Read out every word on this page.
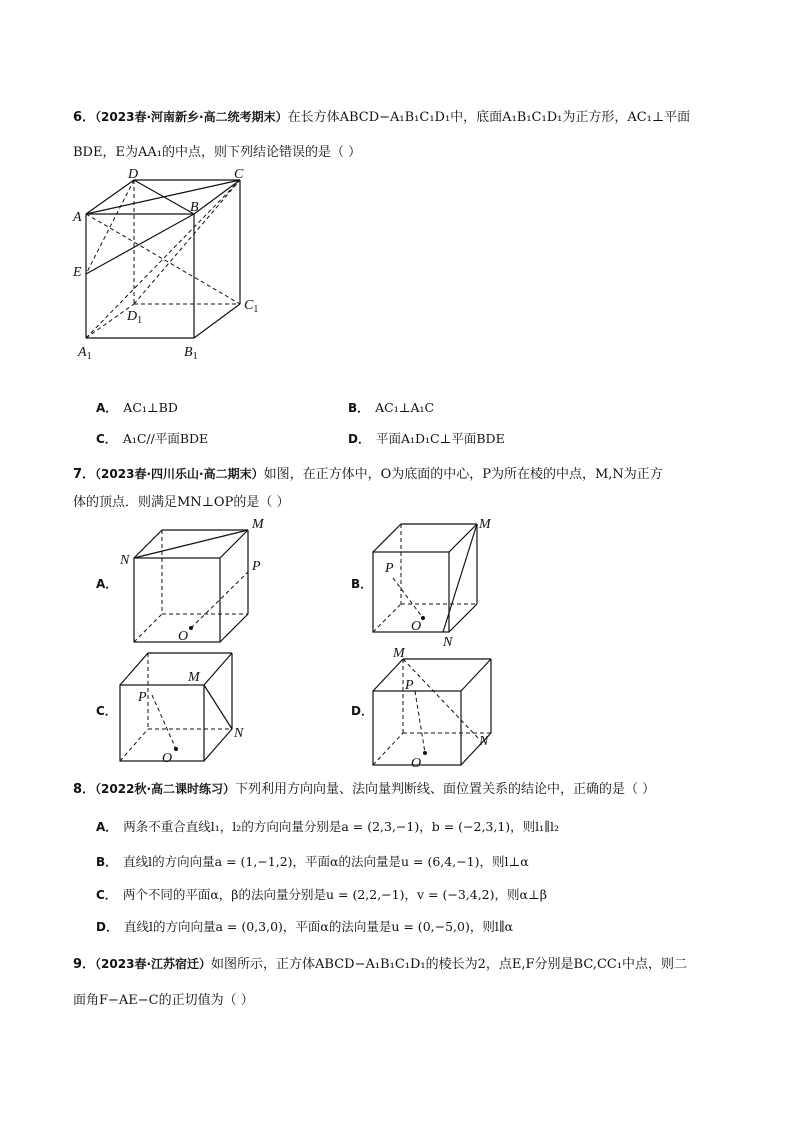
6．（2023春·河南新乡·高二统考期末）在长方体ABCD−A₁B₁C₁D₁中，底面A₁B₁C₁D₁为正方形，AC₁⊥平面
BDE，E为AA₁的中点，则下列结论错误的是（ ）
D	C
A
B
E
$D_1$
$C_1$
$A_1$	$B_1$
A． AC₁⊥BD	B． AC₁⊥A₁C
C． A₁C//平面BDE	D． 平面A₁D₁C⊥平面BDE
7．（2023春·四川乐山·高二期末）如图，在正方体中，O为底面的中心，P为所在棱的中点，M,N为正方
体的顶点．则满足MN⊥OP的是（ ）
A．
M
N	P
O
B．
M
N
P
O
C．
M
N
P
O
D．
M
N
P
O
8．（2022秋·高二课时练习）下列利用方向向量、法向量判断线、面位置关系的结论中，正确的是（ ）
A． 两条不重合直线l₁，l₂的方向向量分别是a = (2,3,−1)，b = (−2,3,1)，则l₁∥l₂
B． 直线l的方向向量a = (1,−1,2)，平面α的法向量是u = (6,4,−1)，则l⊥α
C． 两个不同的平面α，β的法向量分别是u = (2,2,−1)，v = (−3,4,2)，则α⊥β
D． 直线l的方向向量a = (0,3,0)，平面α的法向量是u = (0,−5,0)，则l∥α
9．（2023春·江苏宿迁）如图所示，正方体ABCD−A₁B₁C₁D₁的棱长为2，点E,F分别是BC,CC₁中点，则二
面角F−AE−C的正切值为（ ）
